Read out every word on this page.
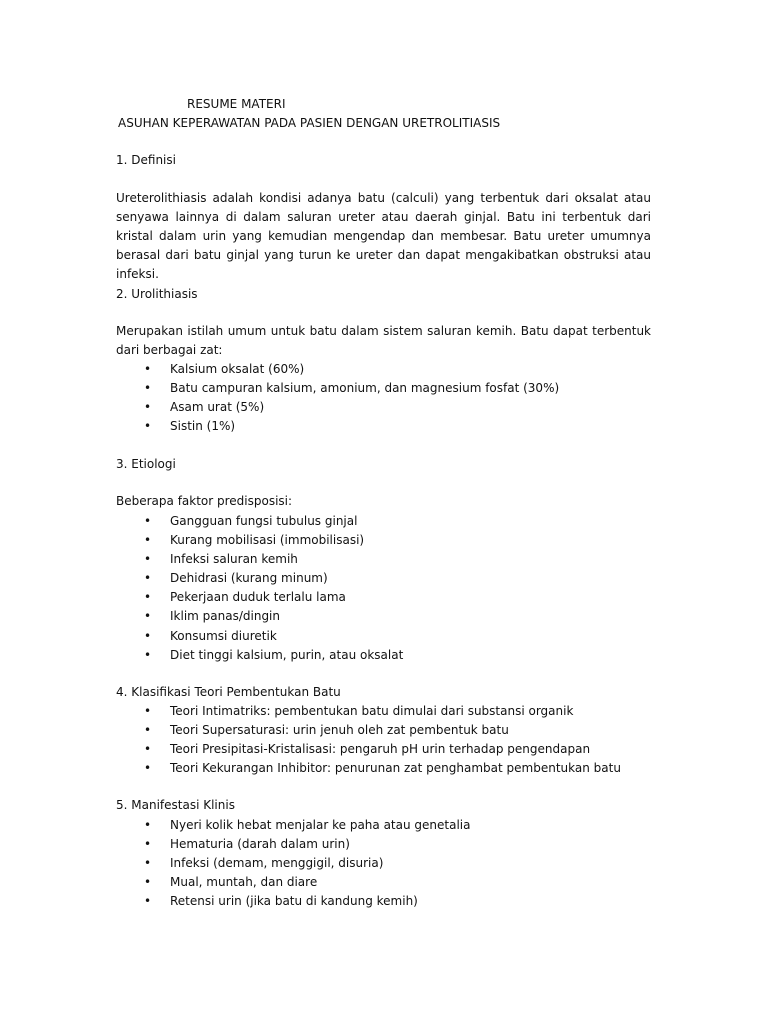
RESUME MATERI
ASUHAN KEPERAWATAN PADA PASIEN DENGAN URETROLITIASIS
1. Definisi
Ureterolithiasis adalah kondisi adanya batu (calculi) yang terbentuk dari oksalat atau senyawa lainnya di dalam saluran ureter atau daerah ginjal. Batu ini terbentuk dari kristal dalam urin yang kemudian mengendap dan membesar. Batu ureter umumnya berasal dari batu ginjal yang turun ke ureter dan dapat mengakibatkan obstruksi atau infeksi.
2. Urolithiasis
Merupakan istilah umum untuk batu dalam sistem saluran kemih. Batu dapat terbentuk dari berbagai zat:
• Kalsium oksalat (60%)
• Batu campuran kalsium, amonium, dan magnesium fosfat (30%)
• Asam urat (5%)
• Sistin (1%)
3. Etiologi
Beberapa faktor predisposisi:
• Gangguan fungsi tubulus ginjal
• Kurang mobilisasi (immobilisasi)
• Infeksi saluran kemih
• Dehidrasi (kurang minum)
• Pekerjaan duduk terlalu lama
• Iklim panas/dingin
• Konsumsi diuretik
• Diet tinggi kalsium, purin, atau oksalat
4. Klasifikasi Teori Pembentukan Batu
• Teori Intimatriks: pembentukan batu dimulai dari substansi organik
• Teori Supersaturasi: urin jenuh oleh zat pembentuk batu
• Teori Presipitasi-Kristalisasi: pengaruh pH urin terhadap pengendapan
• Teori Kekurangan Inhibitor: penurunan zat penghambat pembentukan batu
5. Manifestasi Klinis
• Nyeri kolik hebat menjalar ke paha atau genetalia
• Hematuria (darah dalam urin)
• Infeksi (demam, menggigil, disuria)
• Mual, muntah, dan diare
• Retensi urin (jika batu di kandung kemih)
